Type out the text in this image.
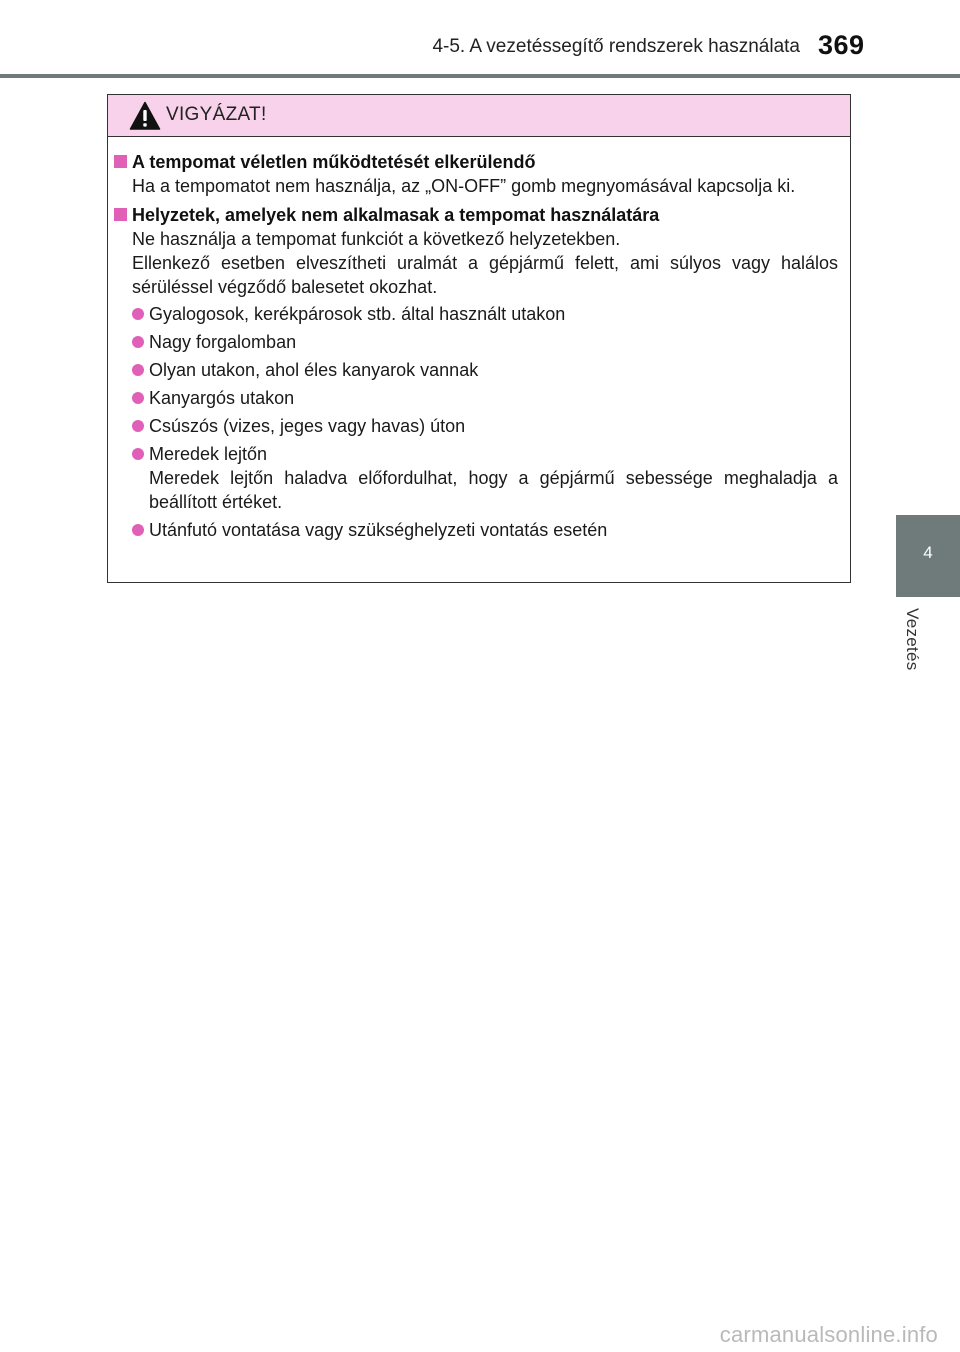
4-5. A vezetéssegítő rendszerek használata 369
4
Vezetés
VIGYÁZAT!
A tempomat véletlen működtetését elkerülendő
Ha a tempomatot nem használja, az „ON-OFF” gomb megnyomásával kapcsolja ki.
Helyzetek, amelyek nem alkalmasak a tempomat használatára
Ne használja a tempomat funkciót a következő helyzetekben.
Ellenkező esetben elveszítheti uralmát a gépjármű felett, ami súlyos vagy halálos sérüléssel végződő balesetet okozhat.
Gyalogosok, kerékpárosok stb. által használt utakon
Nagy forgalomban
Olyan utakon, ahol éles kanyarok vannak
Kanyargós utakon
Csúszós (vizes, jeges vagy havas) úton
Meredek lejtőn
Meredek lejtőn haladva előfordulhat, hogy a gépjármű sebessége meghaladja a beállított értéket.
Utánfutó vontatása vagy szükséghelyzeti vontatás esetén
carmanualsonline.info
